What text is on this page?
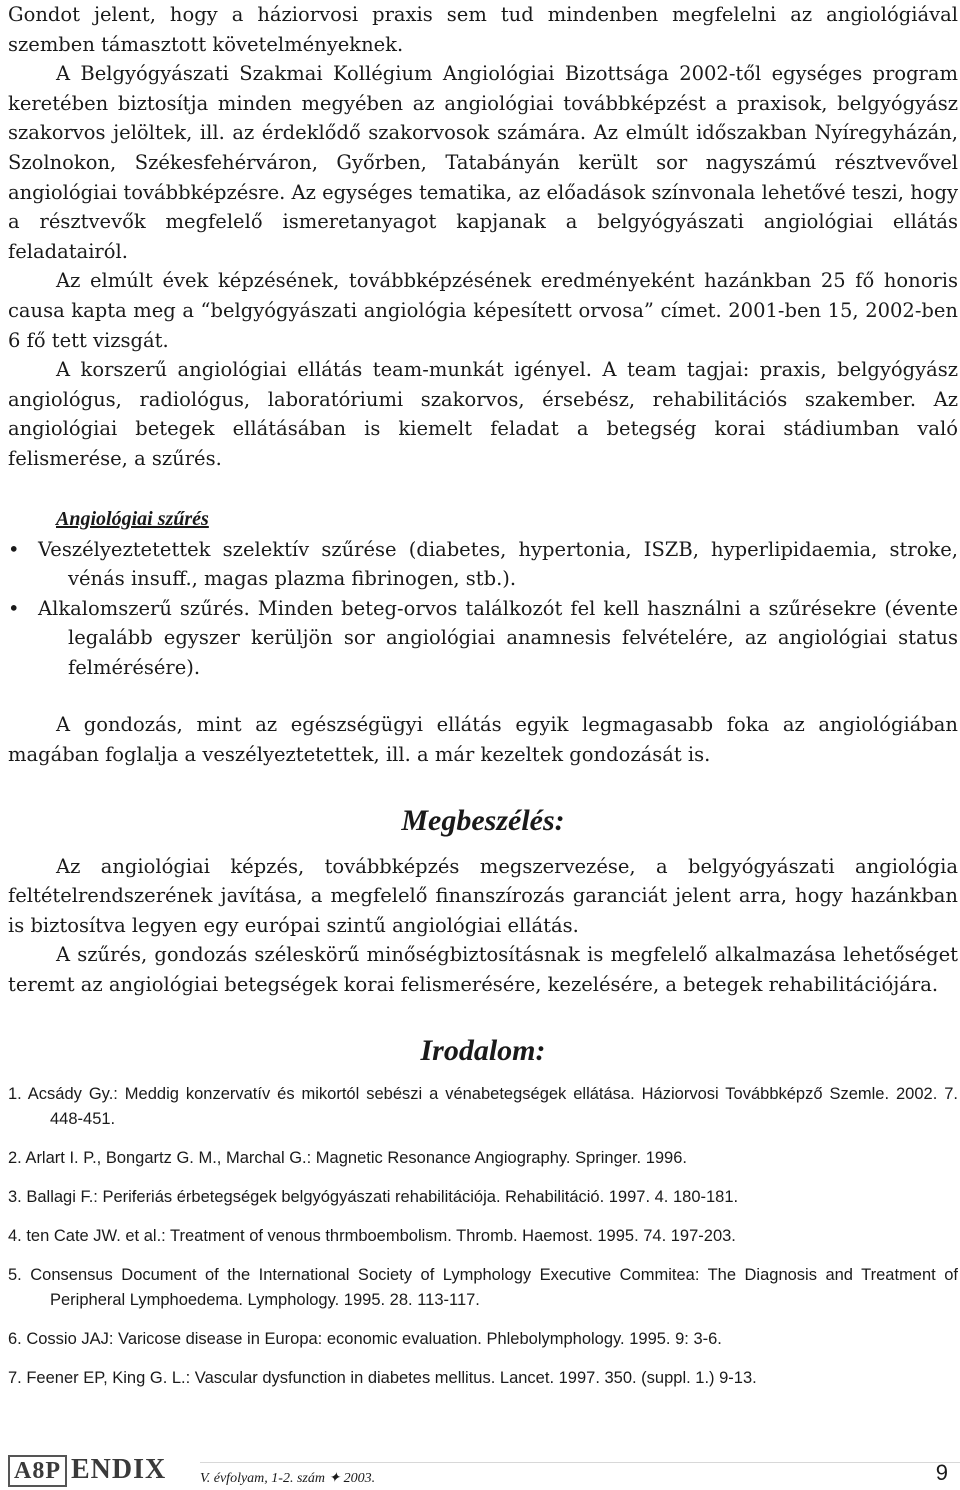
Gondot jelent, hogy a háziorvosi praxis sem tud mindenben megfelelni az angiológiával szemben támasztott követelményeknek.

A Belgyógyászati Szakmai Kollégium Angiológiai Bizottsága 2002-től egységes program keretében biztosítja minden megyében az angiológiai továbbképzést a praxisok, belgyógyász szakorvos jelöltek, ill. az érdeklődő szakorvosok számára. Az elmúlt időszakban Nyíregyházán, Szolnokon, Székesfehérváron, Győrben, Tatabányán került sor nagyszámú résztvevővel angiológiai továbbképzésre. Az egységes tematika, az előadások színvonala lehetővé teszi, hogy a résztvevők megfelelő ismeretanyagot kapjanak a belgyógyászati angiológiai ellátás feladatairól.

Az elmúlt évek képzésének, továbbképzésének eredményeként hazánkban 25 fő honoris causa kapta meg a “belgyógyászati angiológia képesített orvosa” címet. 2001-ben 15, 2002-ben 6 fő tett vizsgát.

A korszerű angiológiai ellátás team-munkát igényel. A team tagjai: praxis, belgyógyász angiológus, radiológus, laboratóriumi szakorvos, érsebész, rehabilitációs szakember. Az angiológiai betegek ellátásában is kiemelt feladat a betegség korai stádiumban való felismerése, a szűrés.

Angiológiai szűrés
• Veszélyeztetettek szelektív szűrése (diabetes, hypertonia, ISZB, hyperlipidaemia, stroke, vénás insuff., magas plazma fibrinogen, stb.).
• Alkalomszerű szűrés. Minden beteg-orvos találkozót fel kell használni a szűrésekre (évente legalább egyszer kerüljön sor angiológiai anamnesis felvételére, az angiológiai status felmérésére).

A gondozás, mint az egészségügyi ellátás egyik legmagasabb foka az angiológiában magában foglalja a veszélyeztetettek, ill. a már kezeltek gondozását is.

Megbeszélés:

Az angiológiai képzés, továbbképzés megszervezése, a belgyógyászati angiológia feltételrendszerének javítása, a megfelelő finanszírozás garanciát jelent arra, hogy hazánkban is biztosítva legyen egy európai szintű angiológiai ellátás.

A szűrés, gondozás széleskörű minőségbiztosításnak is megfelelő alkalmazása lehetőséget teremt az angiológiai betegségek korai felismerésére, kezelésére, a betegek rehabilitációjára.

Irodalom:
1. Acsády Gy.: Meddig konzervatív és mikortól sebészi a vénabetegségek ellátása. Háziorvosi Továbbképző Szemle. 2002. 7. 448-451.
2. Arlart I. P., Bongartz G. M., Marchal G.: Magnetic Resonance Angiography. Springer. 1996.
3. Ballagi F.: Periferiás érbetegségek belgyógyászati rehabilitációja. Rehabilitáció. 1997. 4. 180-181.
4. ten Cate JW. et al.: Treatment of venous thrmboembolism. Thromb. Haemost. 1995. 74. 197-203.
5. Consensus Document of the International Society of Lymphology Executive Commitea: The Diagnosis and Treatment of Peripheral Lymphoedema. Lymphology. 1995. 28. 113-117.
6. Cossio JAJ: Varicose disease in Europa: economic evaluation. Phlebolymphology. 1995. 9: 3-6.
7. Feener EP, King G. L.: Vascular dysfunction in diabetes mellitus. Lancet. 1997. 350. (suppl. 1.) 9-13.
A8P ENDIX V. évfolyam, 1-2. szám ✦ 2003.	9
